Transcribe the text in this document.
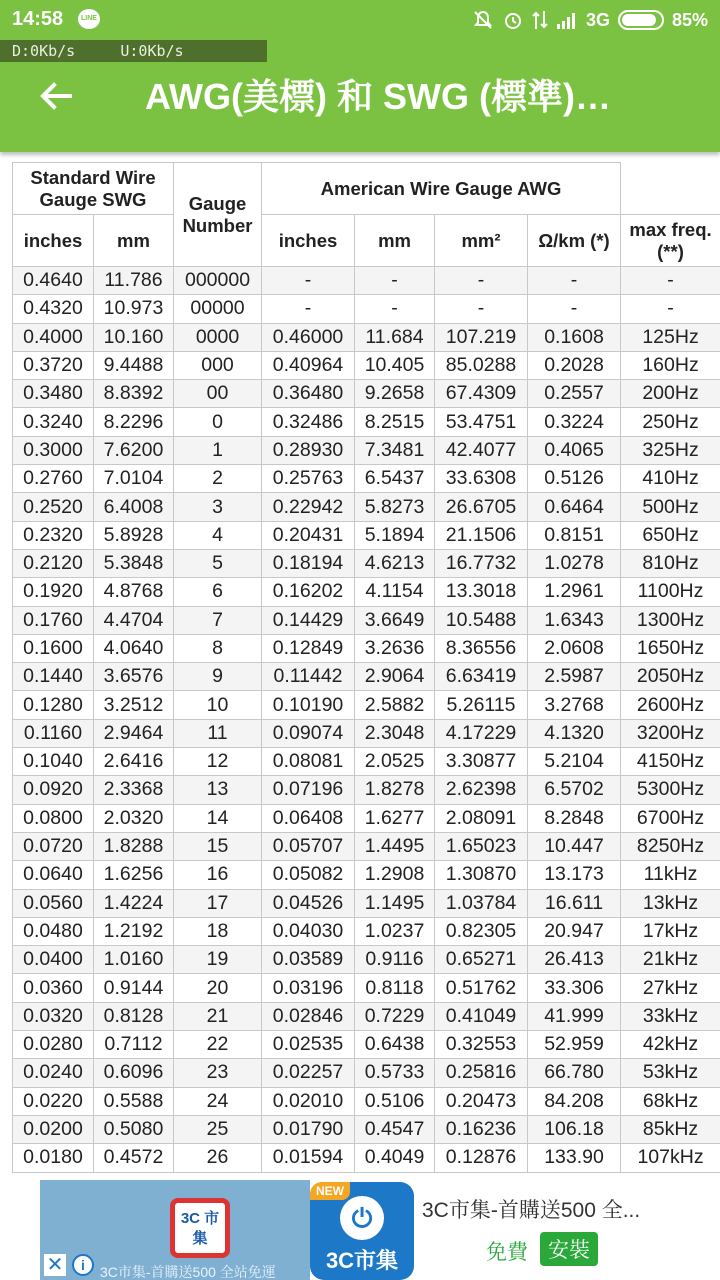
14:58	LINE	3G	85%
D:0Kb/s     U:0Kb/s
AWG(美標) 和 SWG (標準)…
Standard Wire Gauge SWG		Gauge Number	American Wire Gauge AWG				
inches	mm		inches	mm	mm²	Ω/km (*)	max freq. (**)
0.4640	11.786	000000	-	-	-	-	-
0.4320	10.973	00000	-	-	-	-	-
0.4000	10.160	0000	0.46000	11.684	107.219	0.1608	125Hz
0.3720	9.4488	000	0.40964	10.405	85.0288	0.2028	160Hz
0.3480	8.8392	00	0.36480	9.2658	67.4309	0.2557	200Hz
0.3240	8.2296	0	0.32486	8.2515	53.4751	0.3224	250Hz
0.3000	7.6200	1	0.28930	7.3481	42.4077	0.4065	325Hz
0.2760	7.0104	2	0.25763	6.5437	33.6308	0.5126	410Hz
0.2520	6.4008	3	0.22942	5.8273	26.6705	0.6464	500Hz
0.2320	5.8928	4	0.20431	5.1894	21.1506	0.8151	650Hz
0.2120	5.3848	5	0.18194	4.6213	16.7732	1.0278	810Hz
0.1920	4.8768	6	0.16202	4.1154	13.3018	1.2961	1100Hz
0.1760	4.4704	7	0.14429	3.6649	10.5488	1.6343	1300Hz
0.1600	4.0640	8	0.12849	3.2636	8.36556	2.0608	1650Hz
0.1440	3.6576	9	0.11442	2.9064	6.63419	2.5987	2050Hz
0.1280	3.2512	10	0.10190	2.5882	5.26115	3.2768	2600Hz
0.1160	2.9464	11	0.09074	2.3048	4.17229	4.1320	3200Hz
0.1040	2.6416	12	0.08081	2.0525	3.30877	5.2104	4150Hz
0.0920	2.3368	13	0.07196	1.8278	2.62398	6.5702	5300Hz
0.0800	2.0320	14	0.06408	1.6277	2.08091	8.2848	6700Hz
0.0720	1.8288	15	0.05707	1.4495	1.65023	10.447	8250Hz
0.0640	1.6256	16	0.05082	1.2908	1.30870	13.173	11kHz
0.0560	1.4224	17	0.04526	1.1495	1.03784	16.611	13kHz
0.0480	1.2192	18	0.04030	1.0237	0.82305	20.947	17kHz
0.0400	1.0160	19	0.03589	0.9116	0.65271	26.413	21kHz
0.0360	0.9144	20	0.03196	0.8118	0.51762	33.306	27kHz
0.0320	0.8128	21	0.02846	0.7229	0.41049	41.999	33kHz
0.0280	0.7112	22	0.02535	0.6438	0.32553	52.959	42kHz
0.0240	0.6096	23	0.02257	0.5733	0.25816	66.780	53kHz
0.0220	0.5588	24	0.02010	0.5106	0.20473	84.208	68kHz
0.0200	0.5080	25	0.01790	0.4547	0.16236	106.18	85kHz
0.0180	0.4572	26	0.01594	0.4049	0.12876	133.90	107kHz
3C 市集
3C市集-首購送500 全站免運
NEW
⏻
3C市集
3C市集-首購送500 全...
免費 安裝
✕	i
